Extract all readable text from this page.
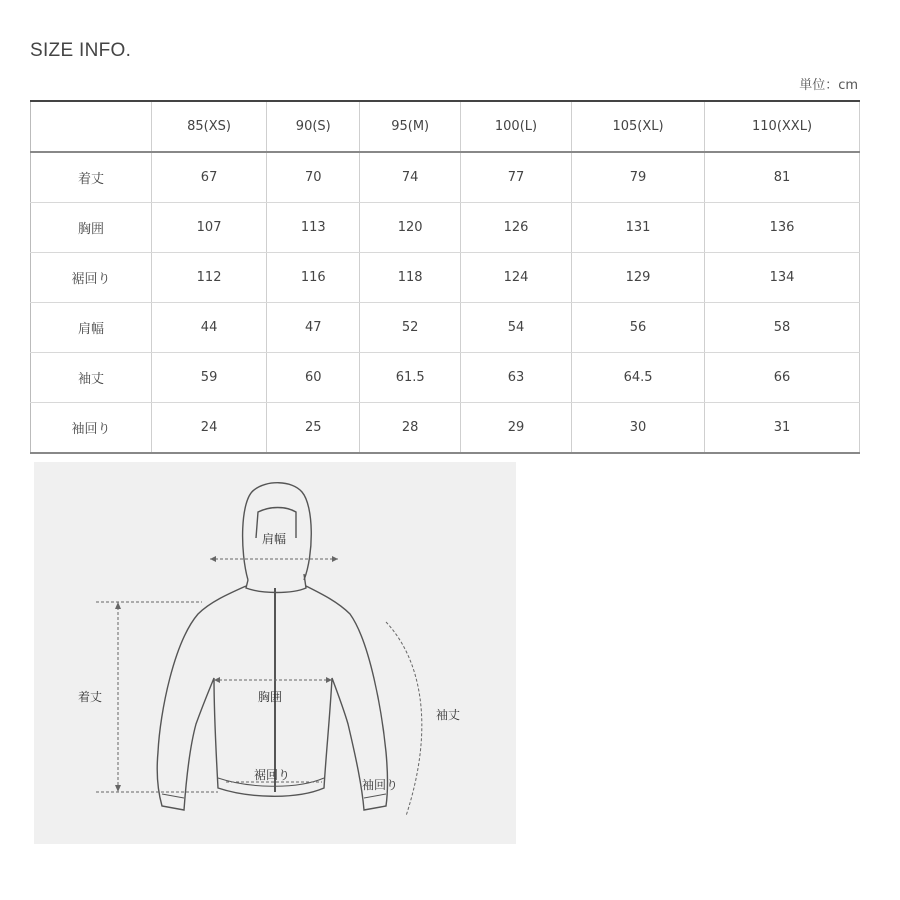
SIZE INFO.
単位：cm
	85(XS)	90(S)	95(M)	100(L)	105(XL)	110(XXL)
着丈	67	70	74	77	79	81
胸囲	107	113	120	126	131	136
裾回り	112	116	118	124	129	134
肩幅	44	47	52	54	56	58
袖丈	59	60	61.5	63	64.5	66
袖回り	24	25	28	29	30	31
肩幅
着丈	胸囲
袖丈
裾回り
袖回り
